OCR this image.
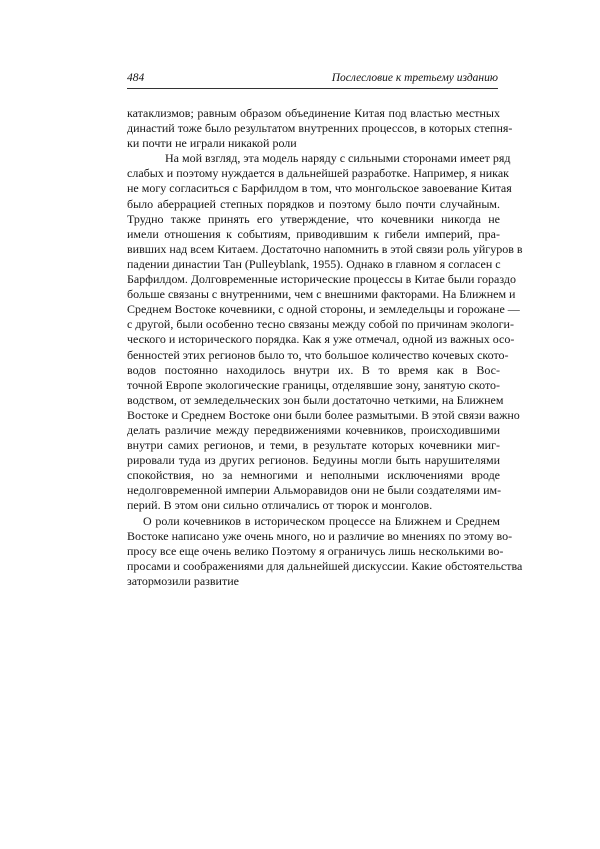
484	Послесловие к третьему изданию
катаклизмов; равным образом объединение Китая под властью местных
династий тоже было результатом внутренних процессов, в которых степня-
ки почти не играли никакой роли
На мой взгляд, эта модель наряду с сильными сторонами имеет ряд
слабых и поэтому нуждается в дальнейшей разработке. Например, я никак
не могу согласиться с Барфилдом в том, что монгольское завоевание Китая
было аберрацией степных порядков и поэтому было почти случайным.
Трудно также принять его утверждение, что кочевники никогда не
имели отношения к событиям, приводившим к гибели империй, пра-
вивших над всем Китаем. Достаточно напомнить в этой связи роль уйгуров в
падении династии Тан (Pulleyblank, 1955). Однако в главном я согласен с
Барфилдом. Долговременные исторические процессы в Китае были гораздо
больше связаны с внутренними, чем с внешними факторами. На Ближнем и
Среднем Востоке кочевники, с одной стороны, и земледельцы и горожане —
с другой, были особенно тесно связаны между собой по причинам экологи-
ческого и исторического порядка. Как я уже отмечал, одной из важных осо-
бенностей этих регионов было то, что большое количество кочевых ското-
водов постоянно находилось внутри их. В то время как в Вос-
точной Европе экологические границы, отделявшие зону, занятую ското-
водством, от земледельческих зон были достаточно четкими, на Ближнем
Востоке и Среднем Востоке они были более размытыми. В этой связи важно
делать различие между передвижениями кочевников, происходившими
внутри самих регионов, и теми, в результате которых кочевники миг-
рировали туда из других регионов. Бедуины могли быть нарушителями
спокойствия, но за немногими и неполными исключениями вроде
недолговременной империи Альморавидов они не были создателями им-
перий. В этом они сильно отличались от тюрок и монголов.
О роли кочевников в историческом процессе на Ближнем и Среднем
Востоке написано уже очень много, но и различие во мнениях по этому во-
просу все еще очень велико Поэтому я ограничусь лишь несколькими во-
просами и соображениями для дальнейшей дискуссии. Какие обстоятельства
затормозили развитие
